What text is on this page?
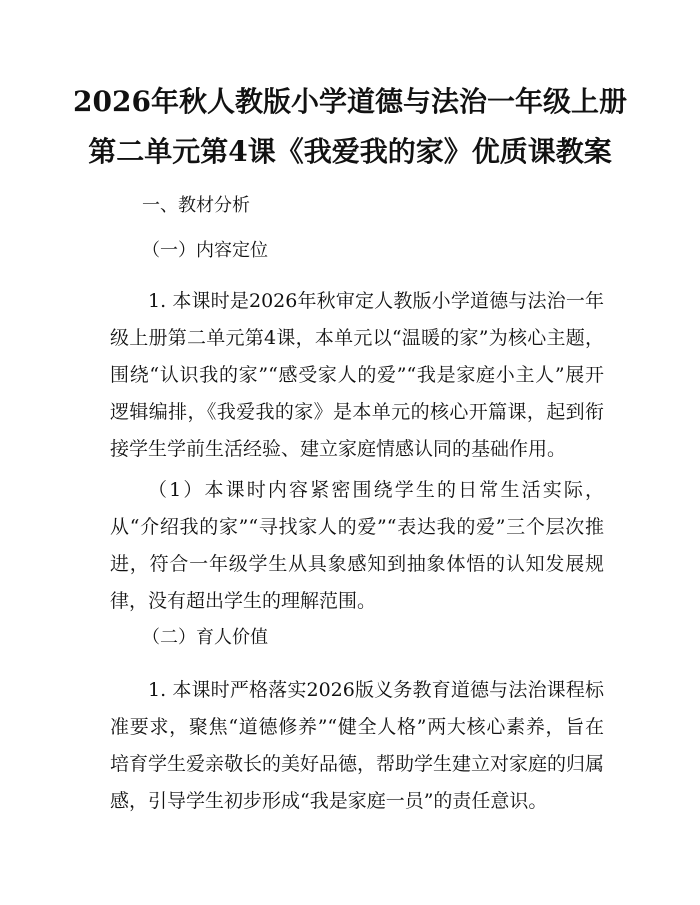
2026年秋人教版小学道德与法治一年级上册
第二单元第4课《我爱我的家》优质课教案
一、教材分析
（一）内容定位
1. 本课时是2026年秋审定人教版小学道德与法治一年级上册第二单元第4课，本单元以“温暖的家”为核心主题，围绕“认识我的家”“感受家人的爱”“我是家庭小主人”展开逻辑编排，《我爱我的家》是本单元的核心开篇课，起到衔接学生学前生活经验、建立家庭情感认同的基础作用。
（1）本课时内容紧密围绕学生的日常生活实际，从“介绍我的家”“寻找家人的爱”“表达我的爱”三个层次推进，符合一年级学生从具象感知到抽象体悟的认知发展规律，没有超出学生的理解范围。
（二）育人价值
1. 本课时严格落实2026版义务教育道德与法治课程标准要求，聚焦“道德修养”“健全人格”两大核心素养，旨在培育学生爱亲敬长的美好品德，帮助学生建立对家庭的归属感，引导学生初步形成“我是家庭一员”的责任意识。
